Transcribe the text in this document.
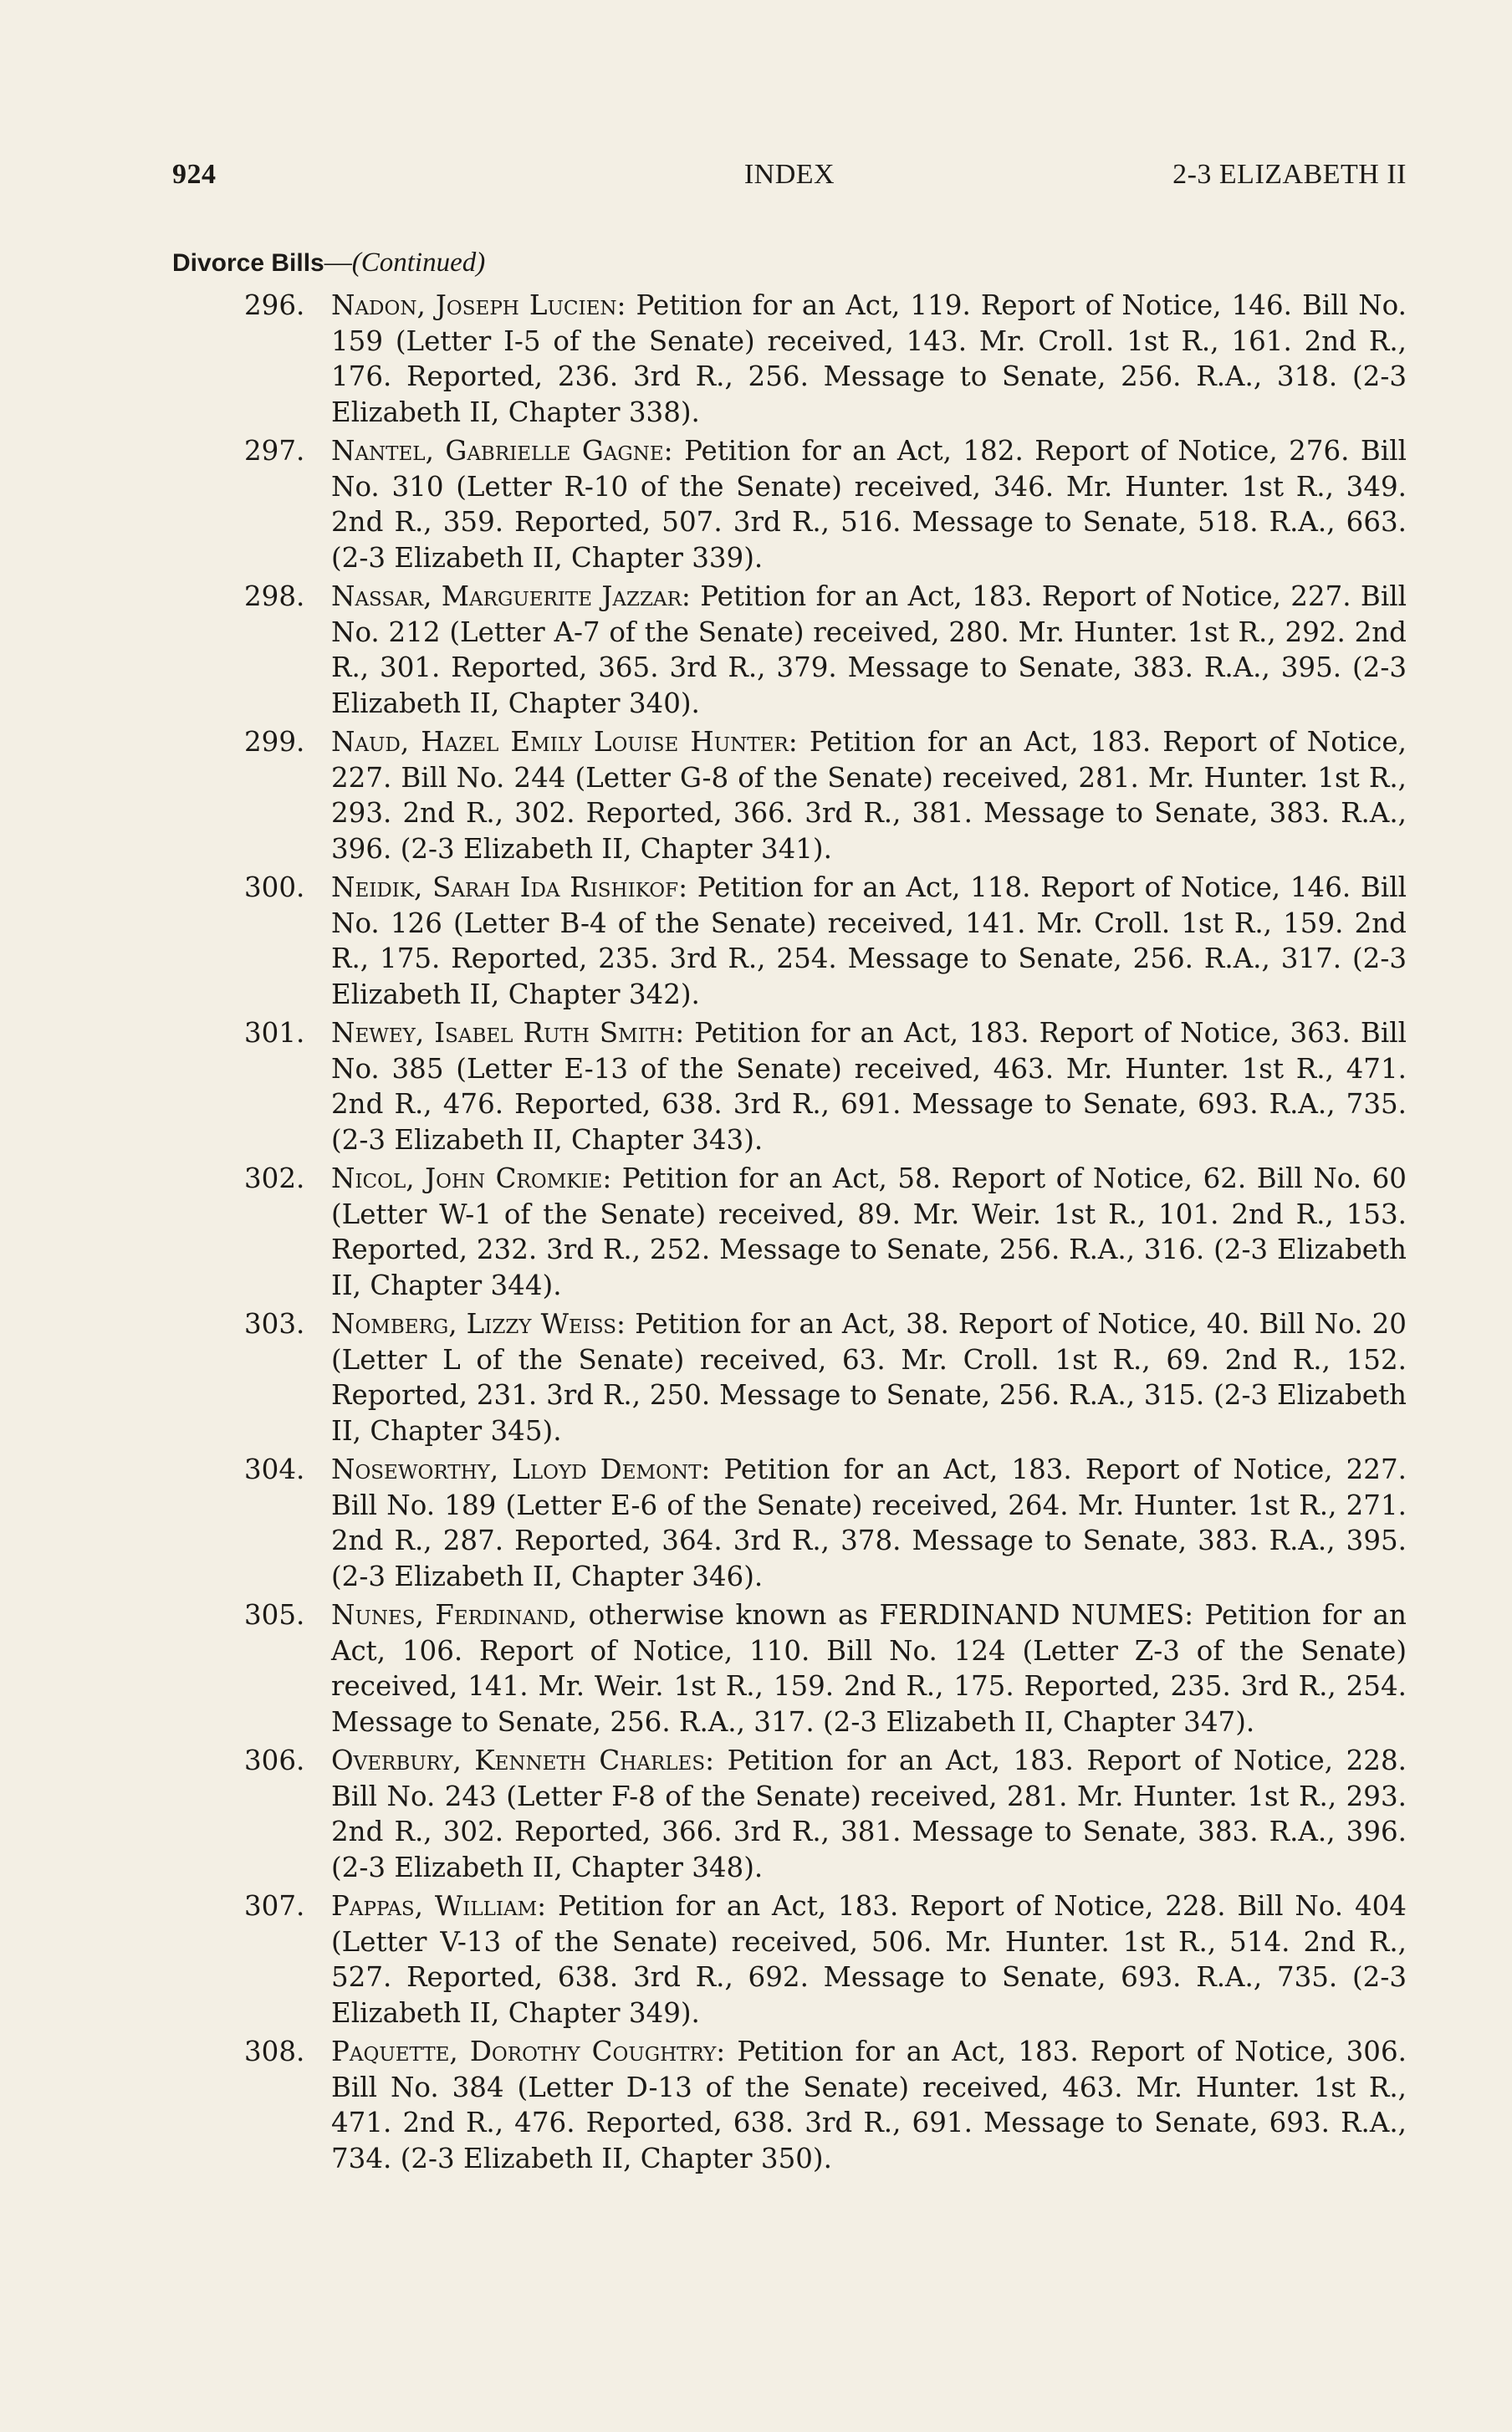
924	INDEX	2-3 ELIZABETH II
Divorce Bills—(Continued)
296. Nadon, Joseph Lucien: Petition for an Act, 119. Report of Notice, 146. Bill No. 159 (Letter I-5 of the Senate) received, 143. Mr. Croll. 1st R., 161. 2nd R., 176. Reported, 236. 3rd R., 256. Message to Senate, 256. R.A., 318. (2-3 Elizabeth II, Chapter 338).
297. Nantel, Gabrielle Gagne: Petition for an Act, 182. Report of Notice, 276. Bill No. 310 (Letter R-10 of the Senate) received, 346. Mr. Hunter. 1st R., 349. 2nd R., 359. Reported, 507. 3rd R., 516. Message to Senate, 518. R.A., 663. (2-3 Elizabeth II, Chapter 339).
298. Nassar, Marguerite Jazzar: Petition for an Act, 183. Report of Notice, 227. Bill No. 212 (Letter A-7 of the Senate) received, 280. Mr. Hunter. 1st R., 292. 2nd R., 301. Reported, 365. 3rd R., 379. Message to Senate, 383. R.A., 395. (2-3 Elizabeth II, Chapter 340).
299. Naud, Hazel Emily Louise Hunter: Petition for an Act, 183. Report of Notice, 227. Bill No. 244 (Letter G-8 of the Senate) received, 281. Mr. Hunter. 1st R., 293. 2nd R., 302. Reported, 366. 3rd R., 381. Message to Senate, 383. R.A., 396. (2-3 Elizabeth II, Chapter 341).
300. Neidik, Sarah Ida Rishikof: Petition for an Act, 118. Report of Notice, 146. Bill No. 126 (Letter B-4 of the Senate) received, 141. Mr. Croll. 1st R., 159. 2nd R., 175. Reported, 235. 3rd R., 254. Message to Senate, 256. R.A., 317. (2-3 Elizabeth II, Chapter 342).
301. Newey, Isabel Ruth Smith: Petition for an Act, 183. Report of Notice, 363. Bill No. 385 (Letter E-13 of the Senate) received, 463. Mr. Hunter. 1st R., 471. 2nd R., 476. Reported, 638. 3rd R., 691. Message to Senate, 693. R.A., 735. (2-3 Elizabeth II, Chapter 343).
302. Nicol, John Cromkie: Petition for an Act, 58. Report of Notice, 62. Bill No. 60 (Letter W-1 of the Senate) received, 89. Mr. Weir. 1st R., 101. 2nd R., 153. Reported, 232. 3rd R., 252. Message to Senate, 256. R.A., 316. (2-3 Elizabeth II, Chapter 344).
303. Nomberg, Lizzy Weiss: Petition for an Act, 38. Report of Notice, 40. Bill No. 20 (Letter L of the Senate) received, 63. Mr. Croll. 1st R., 69. 2nd R., 152. Reported, 231. 3rd R., 250. Message to Senate, 256. R.A., 315. (2-3 Elizabeth II, Chapter 345).
304. Noseworthy, Lloyd Demont: Petition for an Act, 183. Report of Notice, 227. Bill No. 189 (Letter E-6 of the Senate) received, 264. Mr. Hunter. 1st R., 271. 2nd R., 287. Reported, 364. 3rd R., 378. Message to Senate, 383. R.A., 395. (2-3 Elizabeth II, Chapter 346).
305. Nunes, Ferdinand, otherwise known as FERDINAND NUMES: Petition for an Act, 106. Report of Notice, 110. Bill No. 124 (Letter Z-3 of the Senate) received, 141. Mr. Weir. 1st R., 159. 2nd R., 175. Reported, 235. 3rd R., 254. Message to Senate, 256. R.A., 317. (2-3 Elizabeth II, Chapter 347).
306. Overbury, Kenneth Charles: Petition for an Act, 183. Report of Notice, 228. Bill No. 243 (Letter F-8 of the Senate) received, 281. Mr. Hunter. 1st R., 293. 2nd R., 302. Reported, 366. 3rd R., 381. Message to Senate, 383. R.A., 396. (2-3 Elizabeth II, Chapter 348).
307. Pappas, William: Petition for an Act, 183. Report of Notice, 228. Bill No. 404 (Letter V-13 of the Senate) received, 506. Mr. Hunter. 1st R., 514. 2nd R., 527. Reported, 638. 3rd R., 692. Message to Senate, 693. R.A., 735. (2-3 Elizabeth II, Chapter 349).
308. Paquette, Dorothy Coughtry: Petition for an Act, 183. Report of Notice, 306. Bill No. 384 (Letter D-13 of the Senate) received, 463. Mr. Hunter. 1st R., 471. 2nd R., 476. Reported, 638. 3rd R., 691. Message to Senate, 693. R.A., 734. (2-3 Elizabeth II, Chapter 350).
